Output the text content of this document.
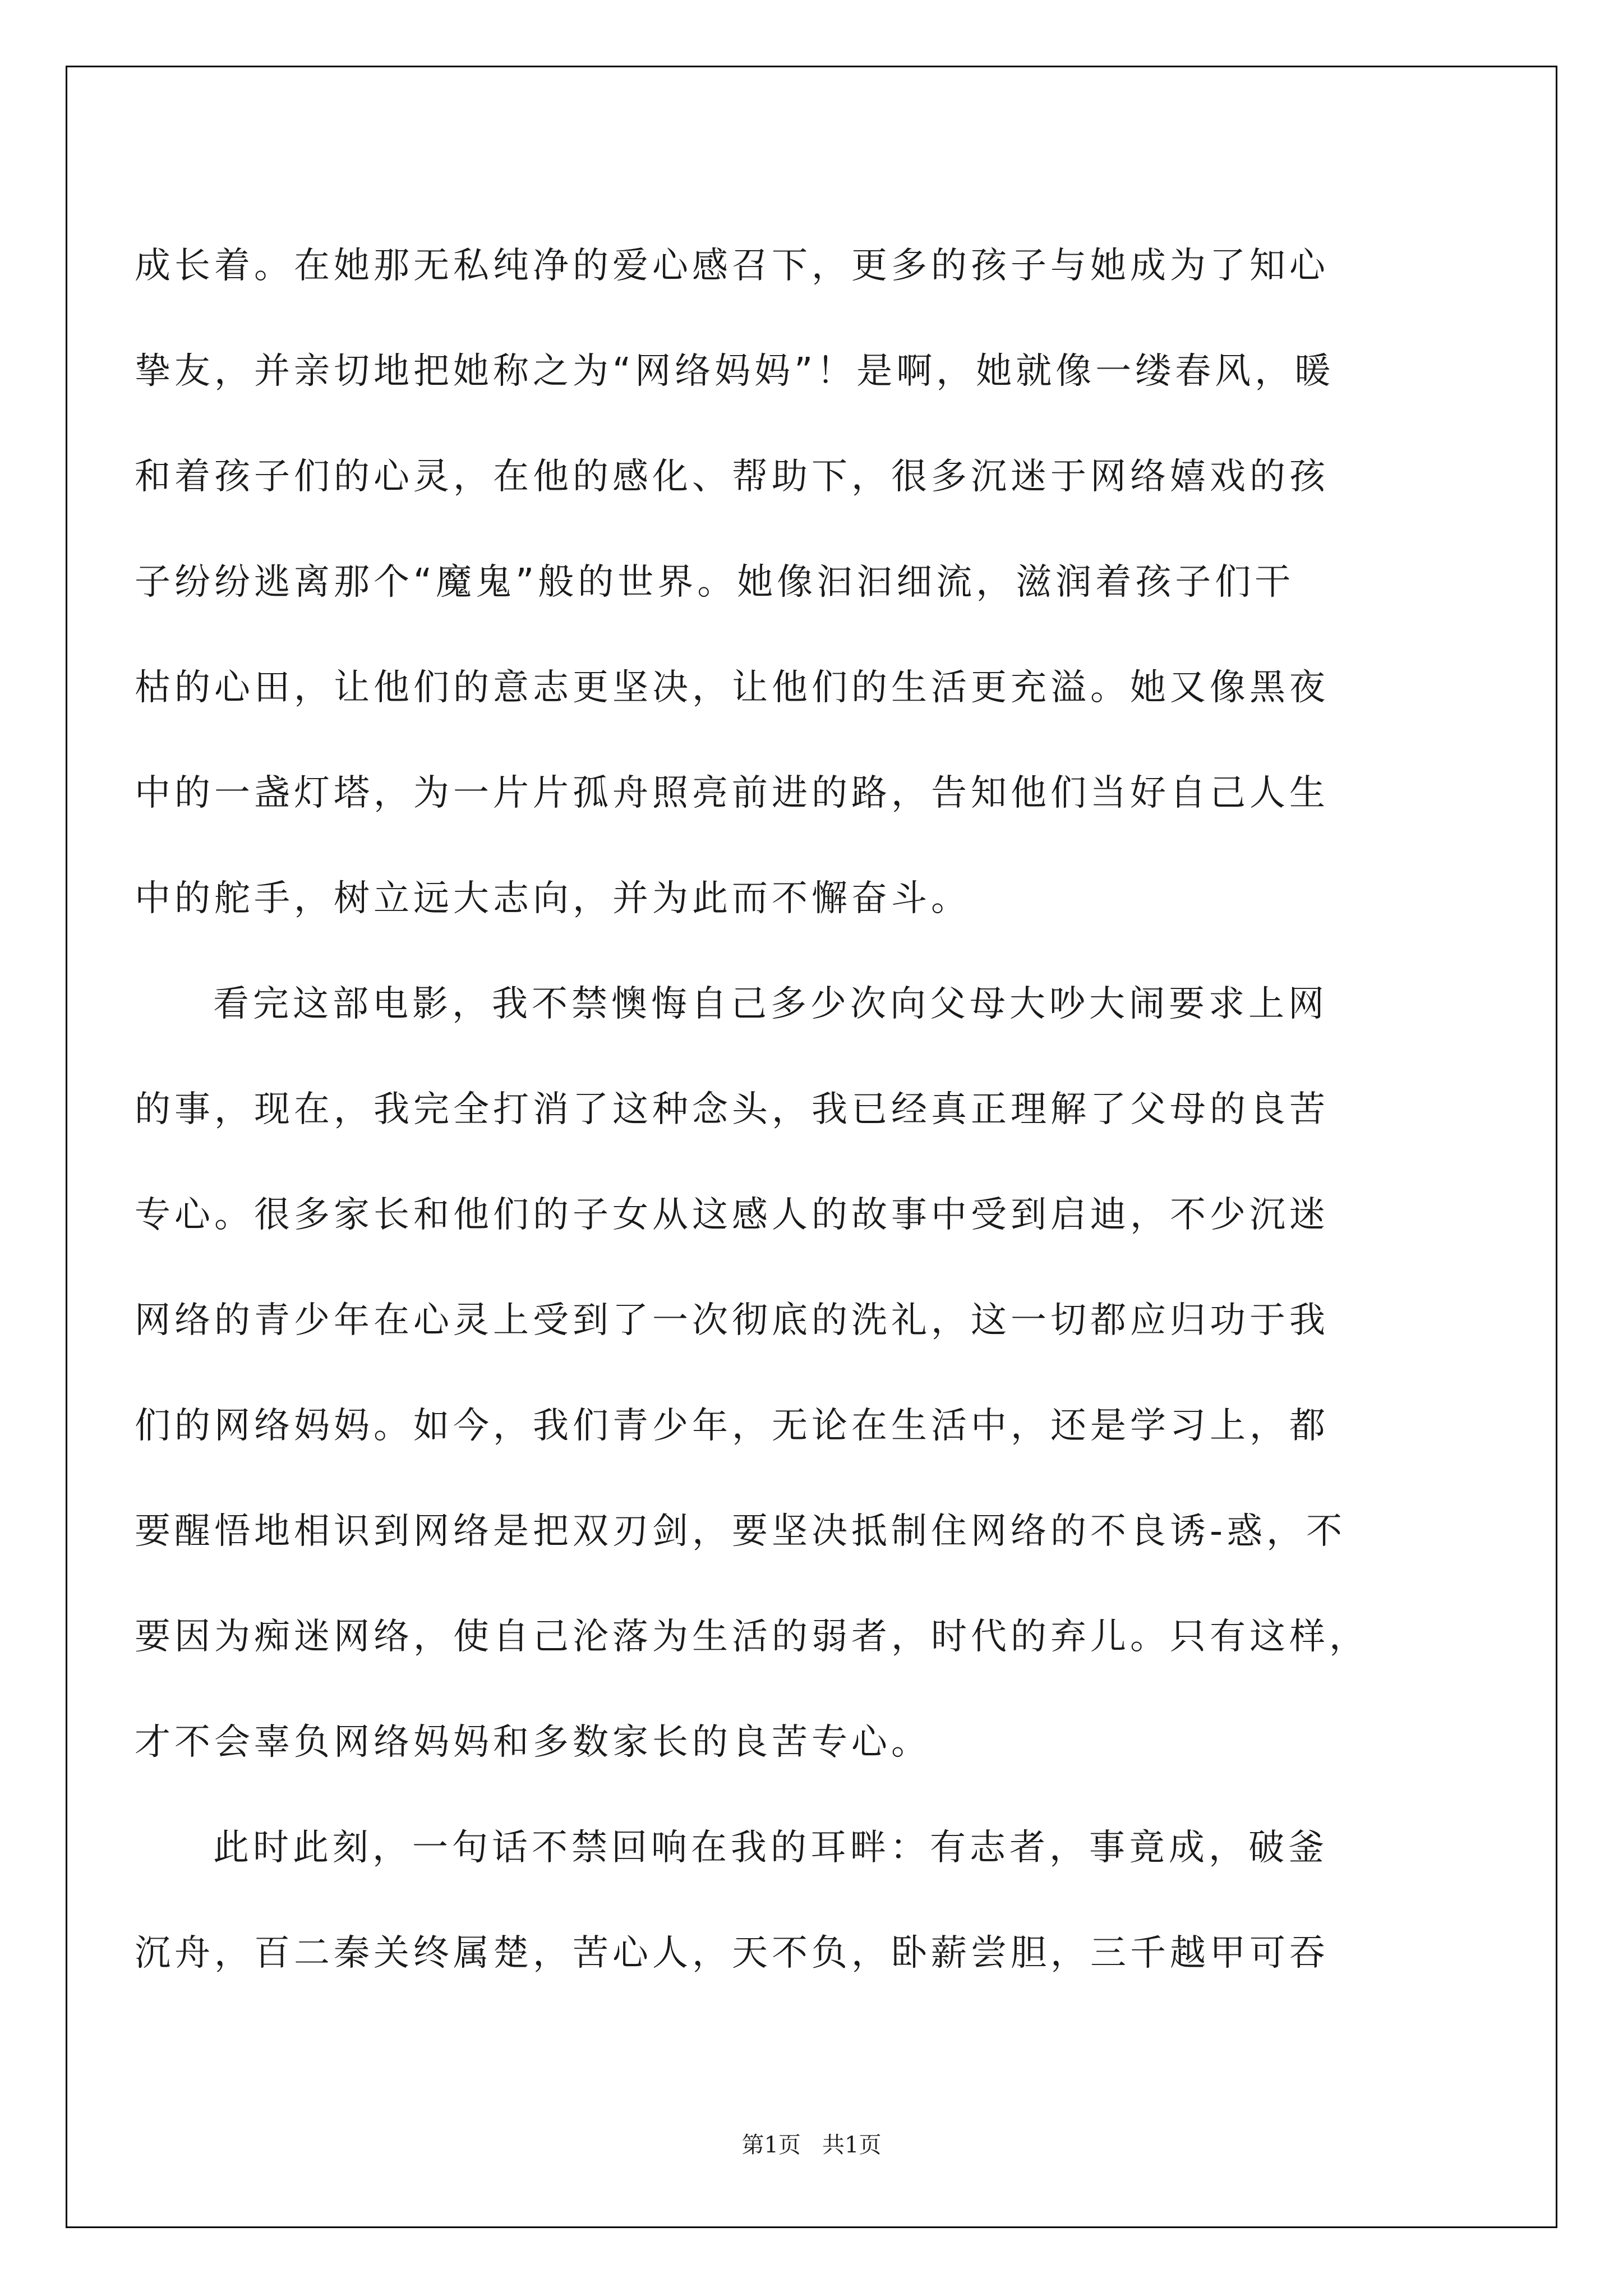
成长着。在她那无私纯净的爱心感召下，更多的孩子与她成为了知心
挚友，并亲切地把她称之为“网络妈妈”！是啊，她就像一缕春风，暖
和着孩子们的心灵，在他的感化、帮助下，很多沉迷于网络嬉戏的孩
子纷纷逃离那个“魔鬼”般的世界。她像汩汩细流，滋润着孩子们干
枯的心田，让他们的意志更坚决，让他们的生活更充溢。她又像黑夜
中的一盏灯塔，为一片片孤舟照亮前进的路，告知他们当好自己人生
中的舵手，树立远大志向，并为此而不懈奋斗。
看完这部电影，我不禁懊悔自己多少次向父母大吵大闹要求上网
的事，现在，我完全打消了这种念头，我已经真正理解了父母的良苦
专心。很多家长和他们的子女从这感人的故事中受到启迪，不少沉迷
网络的青少年在心灵上受到了一次彻底的洗礼，这一切都应归功于我
们的网络妈妈。如今，我们青少年，无论在生活中，还是学习上，都
要醒悟地相识到网络是把双刃剑，要坚决抵制住网络的不良诱-惑，不
要因为痴迷网络，使自己沦落为生活的弱者，时代的弃儿。只有这样，
才不会辜负网络妈妈和多数家长的良苦专心。
此时此刻，一句话不禁回响在我的耳畔：有志者，事竟成，破釜
沉舟，百二秦关终属楚，苦心人，天不负，卧薪尝胆，三千越甲可吞
第1页   共1页
